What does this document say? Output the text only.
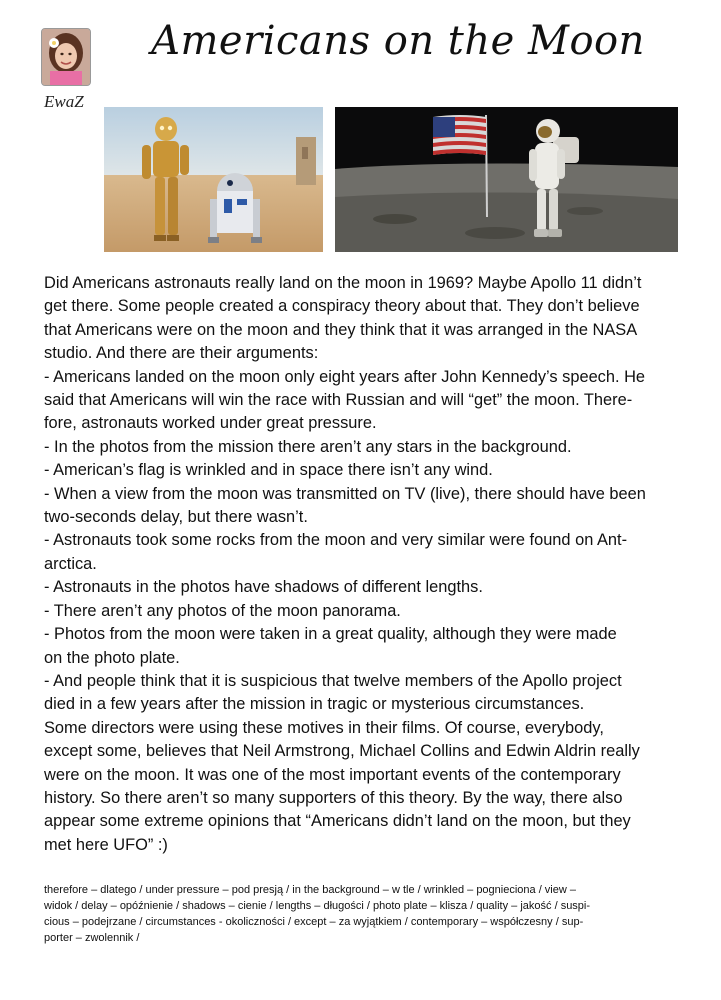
EwaZ
Americans on the Moon

Did Americans astronauts really land on the moon in 1969? Maybe Apollo 11 didn’t

get there. Some people created a conspiracy theory about that. They don’t believe

that Americans were on the moon and they think that it was arranged in the NASA

studio. And there are their arguments:

- Americans landed on the moon only eight years after John Kennedy’s speech. He

said that Americans will win the race with Russian and will “get” the moon. There-

fore, astronauts worked under great pressure.

- In the photos from the mission there aren’t any stars in the background.

- American’s flag is wrinkled and in space there isn’t any wind.

- When a view from the moon was transmitted on TV (live), there should have been

two-seconds delay, but there wasn’t.

- Astronauts took some rocks from the moon and very similar were found on Ant-

arctica.

- Astronauts in the photos have shadows of different lengths.

- There aren’t any photos of the moon panorama.

- Photos from the moon were taken in a great quality, although they were made

on the photo plate.

- And people think that it is suspicious that twelve members of the Apollo project

died in a few years after the mission in tragic or mysterious circumstances.

Some directors were using these motives in their films. Of course, everybody,

except some, believes that Neil Armstrong, Michael Collins and Edwin Aldrin really

were on the moon. It was one of the most important events of the contemporary

history. So there aren’t so many supporters of this theory. By the way, there also

appear some extreme opinions that “Americans didn’t land on the moon, but they

met here UFO” :)

therefore – dlatego / under pressure – pod presją / in the background – w tle / wrinkled – pognieciona / view –
widok / delay – opóźnienie / shadows – cienie / lengths – długości / photo plate – klisza / quality – jakość / suspi-
cious – podejrzane / circumstances - okoliczności / except – za wyjątkiem / contemporary – współczesny / sup-
porter – zwolennik /
